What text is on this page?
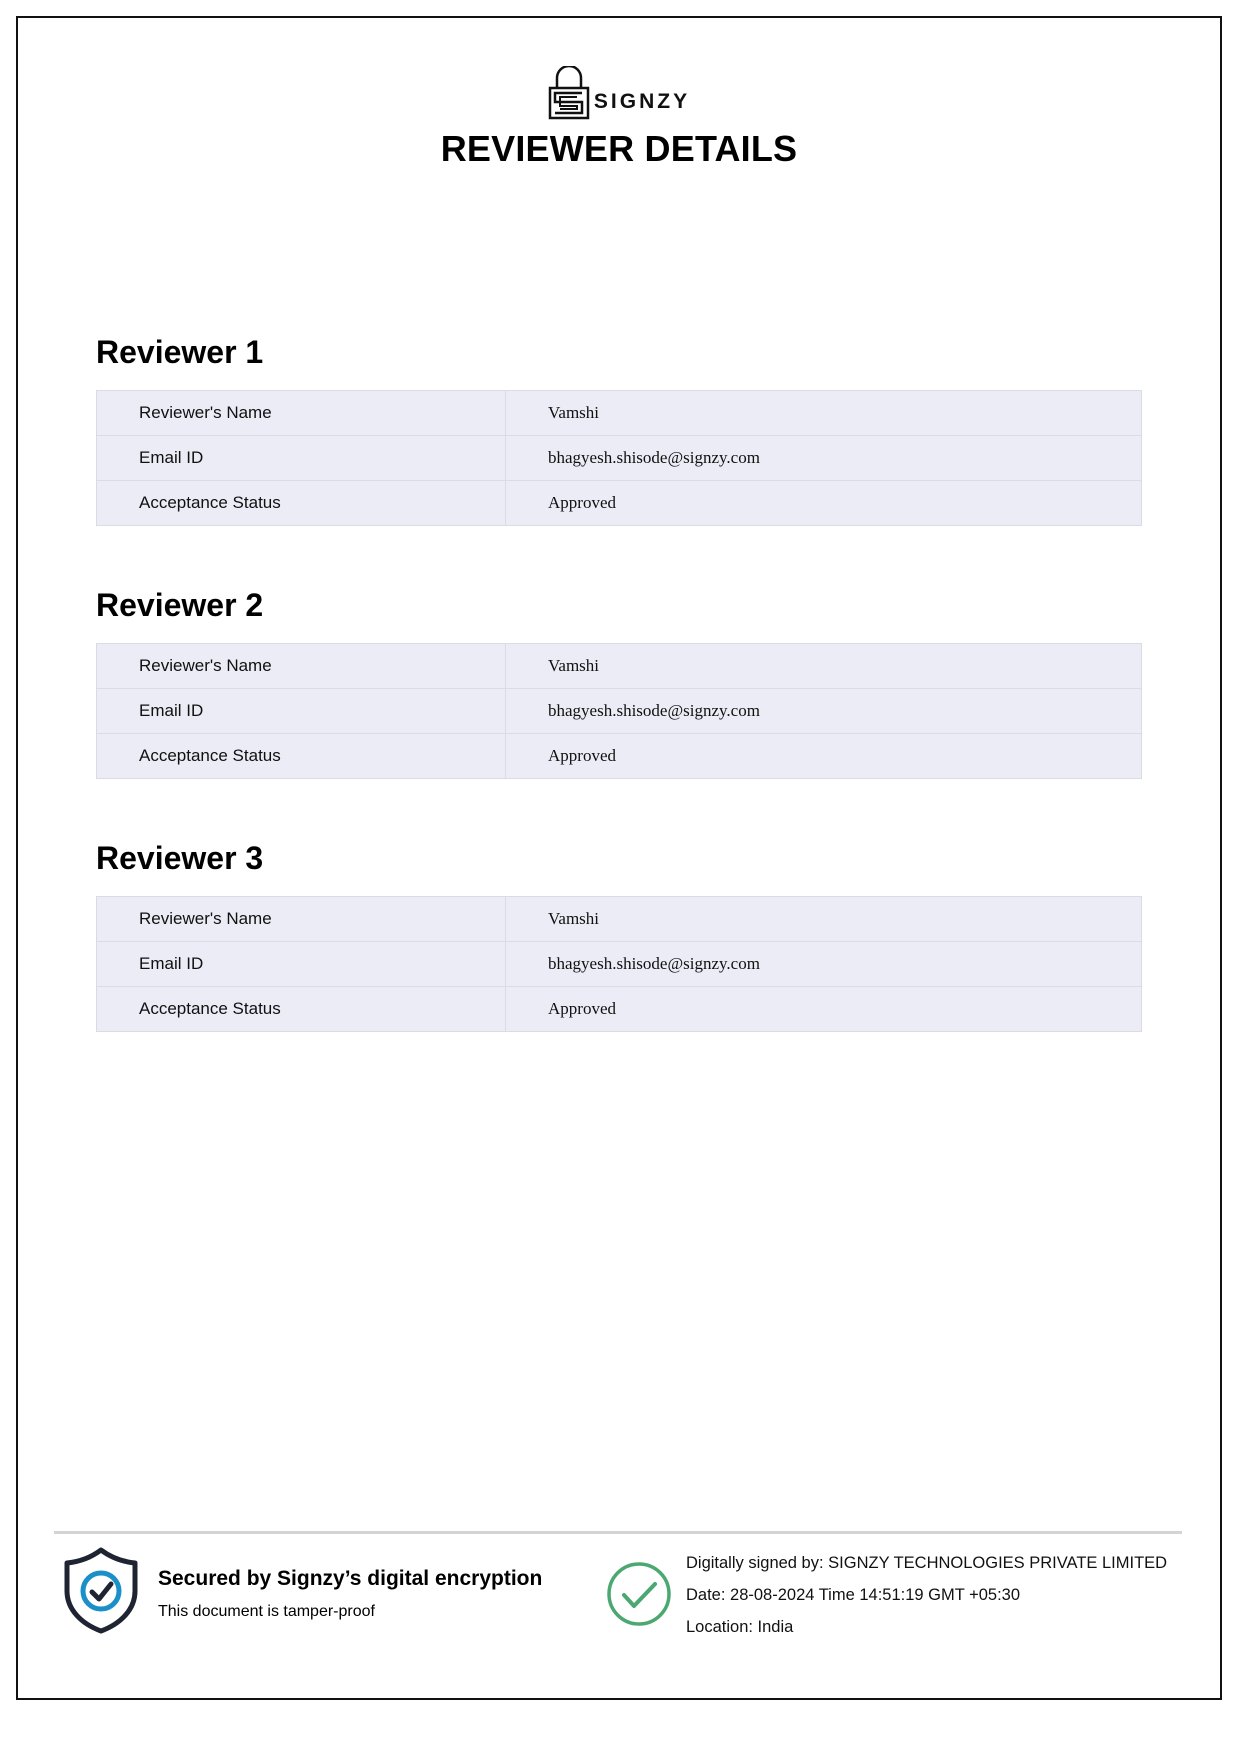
SIGNZY
REVIEWER DETAILS
Reviewer 1
Reviewer's Name	Vamshi
Email ID	bhagyesh.shisode@signzy.com
Acceptance Status	Approved
Reviewer 2
Reviewer's Name	Vamshi
Email ID	bhagyesh.shisode@signzy.com
Acceptance Status	Approved
Reviewer 3
Reviewer's Name	Vamshi
Email ID	bhagyesh.shisode@signzy.com
Acceptance Status	Approved
Secured by Signzy’s digital encryption
This document is tamper-proof
Digitally signed by: SIGNZY TECHNOLOGIES PRIVATE LIMITED
Date: 28-08-2024 Time 14:51:19 GMT +05:30
Location: India
